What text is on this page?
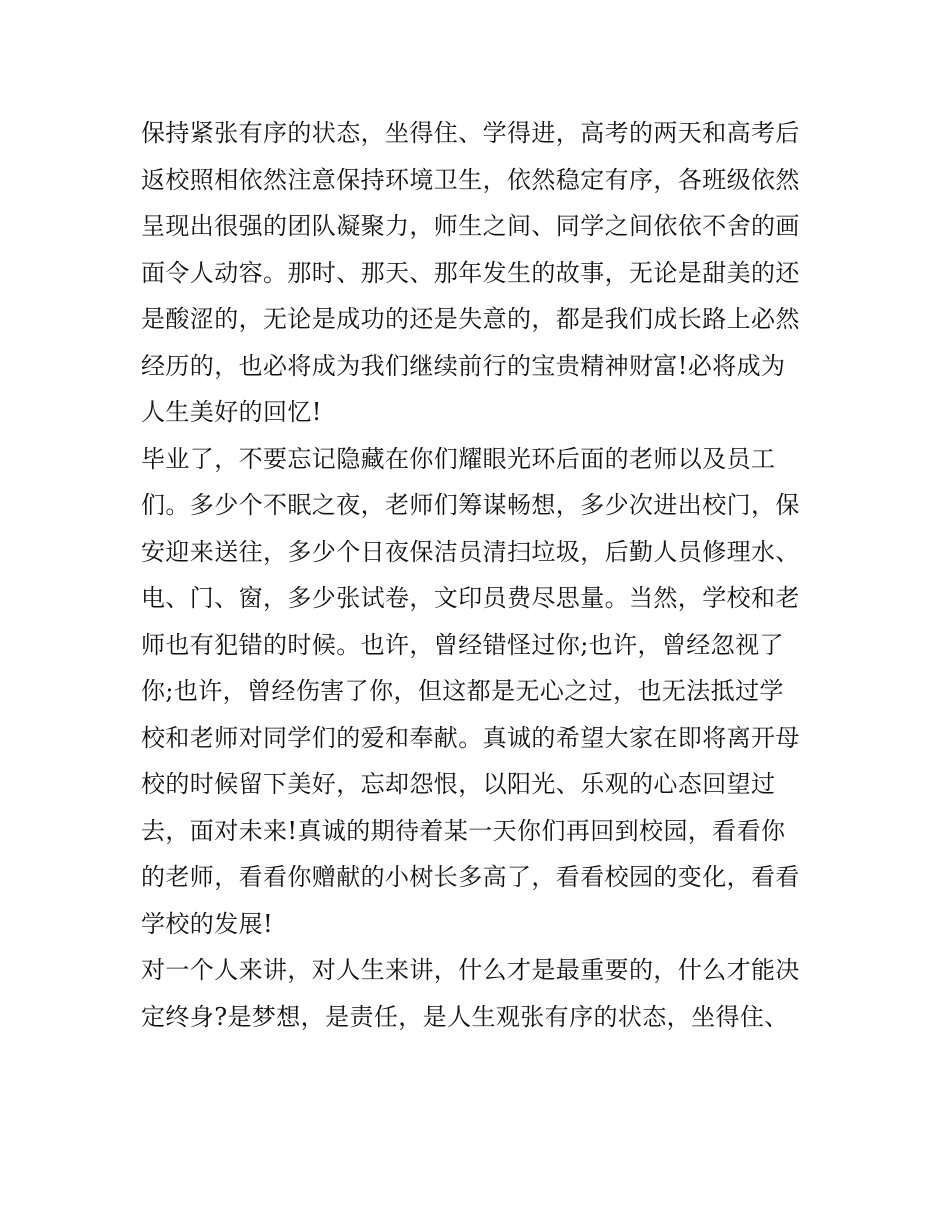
保持紧张有序的状态，坐得住、学得进，高考的两天和高考后
返校照相依然注意保持环境卫生，依然稳定有序，各班级依然
呈现出很强的团队凝聚力，师生之间、同学之间依依不舍的画
面令人动容。那时、那天、那年发生的故事，无论是甜美的还
是酸涩的，无论是成功的还是失意的，都是我们成长路上必然
经历的，也必将成为我们继续前行的宝贵精神财富!必将成为
人生美好的回忆!
毕业了，不要忘记隐藏在你们耀眼光环后面的老师以及员工
们。多少个不眠之夜，老师们筹谋畅想，多少次进出校门，保
安迎来送往，多少个日夜保洁员清扫垃圾，后勤人员修理水、
电、门、窗，多少张试卷，文印员费尽思量。当然，学校和老
师也有犯错的时候。也许，曾经错怪过你;也许，曾经忽视了
你;也许，曾经伤害了你，但这都是无心之过，也无法抵过学
校和老师对同学们的爱和奉献。真诚的希望大家在即将离开母
校的时候留下美好，忘却怨恨，以阳光、乐观的心态回望过
去，面对未来!真诚的期待着某一天你们再回到校园，看看你
的老师，看看你赠献的小树长多高了，看看校园的变化，看看
学校的发展!
对一个人来讲，对人生来讲，什么才是最重要的，什么才能决
定终身?是梦想，是责任，是人生观张有序的状态，坐得住、
